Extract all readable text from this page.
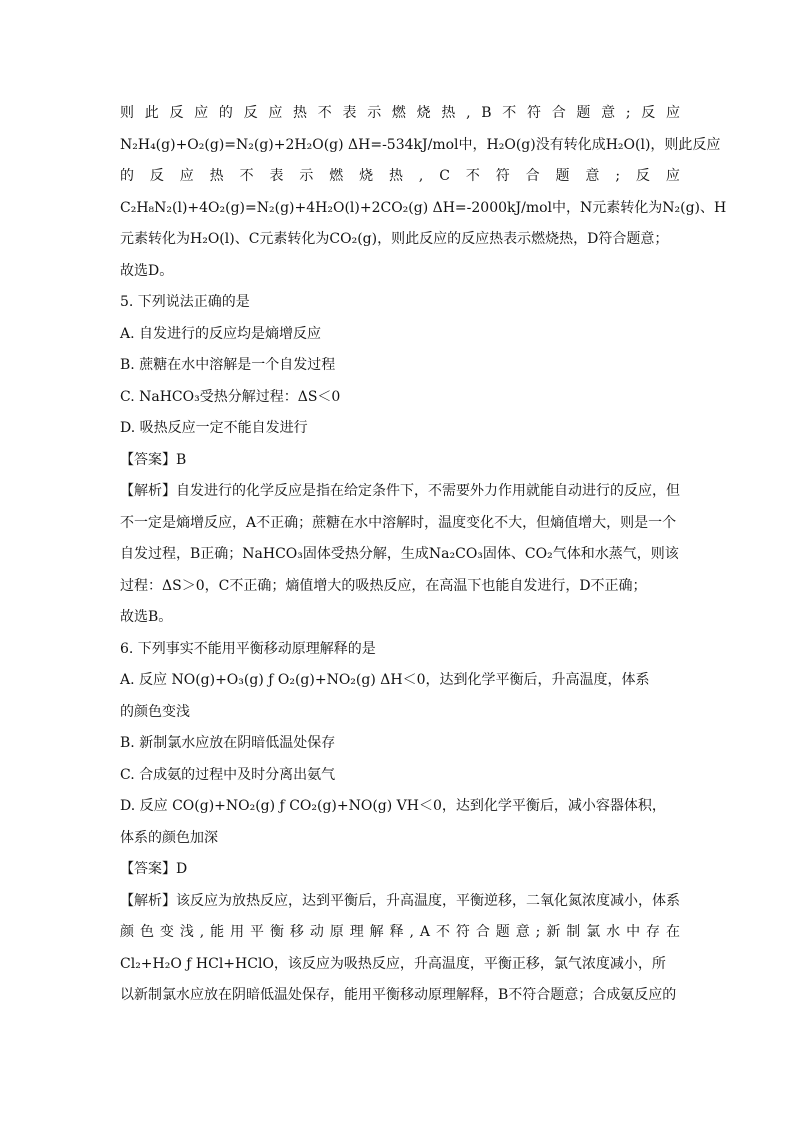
则 此 反 应 的 反 应 热 不 表 示 燃 烧 热 , B 不 符 合 题 意 ; 反 应
N₂H₄(g)+O₂(g)=N₂(g)+2H₂O(g) ΔH=-534kJ/mol中，H₂O(g)没有转化成H₂O(l)，则此反应
的 反 应 热 不 表 示 燃 烧 热 , C 不 符 合 题 意 ; 反 应
C₂H₈N₂(l)+4O₂(g)=N₂(g)+4H₂O(l)+2CO₂(g) ΔH=-2000kJ/mol中，N元素转化为N₂(g)、H
元素转化为H₂O(l)、C元素转化为CO₂(g)，则此反应的反应热表示燃烧热，D符合题意；
故选D。
5. 下列说法正确的是
A. 自发进行的反应均是熵增反应
B. 蔗糖在水中溶解是一个自发过程
C. NaHCO₃受热分解过程：ΔS＜0
D. 吸热反应一定不能自发进行
【答案】B
【解析】自发进行的化学反应是指在给定条件下，不需要外力作用就能自动进行的反应，但
不一定是熵增反应，A不正确；蔗糖在水中溶解时，温度变化不大，但熵值增大，则是一个
自发过程，B正确；NaHCO₃固体受热分解，生成Na₂CO₃固体、CO₂气体和水蒸气，则该
过程：ΔS＞0，C不正确；熵值增大的吸热反应，在高温下也能自发进行，D不正确；
故选B。
6. 下列事实不能用平衡移动原理解释的是
A. 反应 NO(g)+O₃(g) ƒ O₂(g)+NO₂(g) ΔH＜0，达到化学平衡后，升高温度，体系
的颜色变浅
B. 新制氯水应放在阴暗低温处保存
C. 合成氨的过程中及时分离出氨气
D. 反应 CO(g)+NO₂(g) ƒ CO₂(g)+NO(g) VH＜0，达到化学平衡后，减小容器体积，
体系的颜色加深
【答案】D
【解析】该反应为放热反应，达到平衡后，升高温度，平衡逆移，二氧化氮浓度减小，体系
颜 色 变 浅 , 能 用 平 衡 移 动 原 理 解 释 , A 不 符 合 题 意 ; 新 制 氯 水 中 存 在
Cl₂+H₂O ƒ HCl+HClO，该反应为吸热反应，升高温度，平衡正移，氯气浓度减小，所
以新制氯水应放在阴暗低温处保存，能用平衡移动原理解释，B不符合题意；合成氨反应的
